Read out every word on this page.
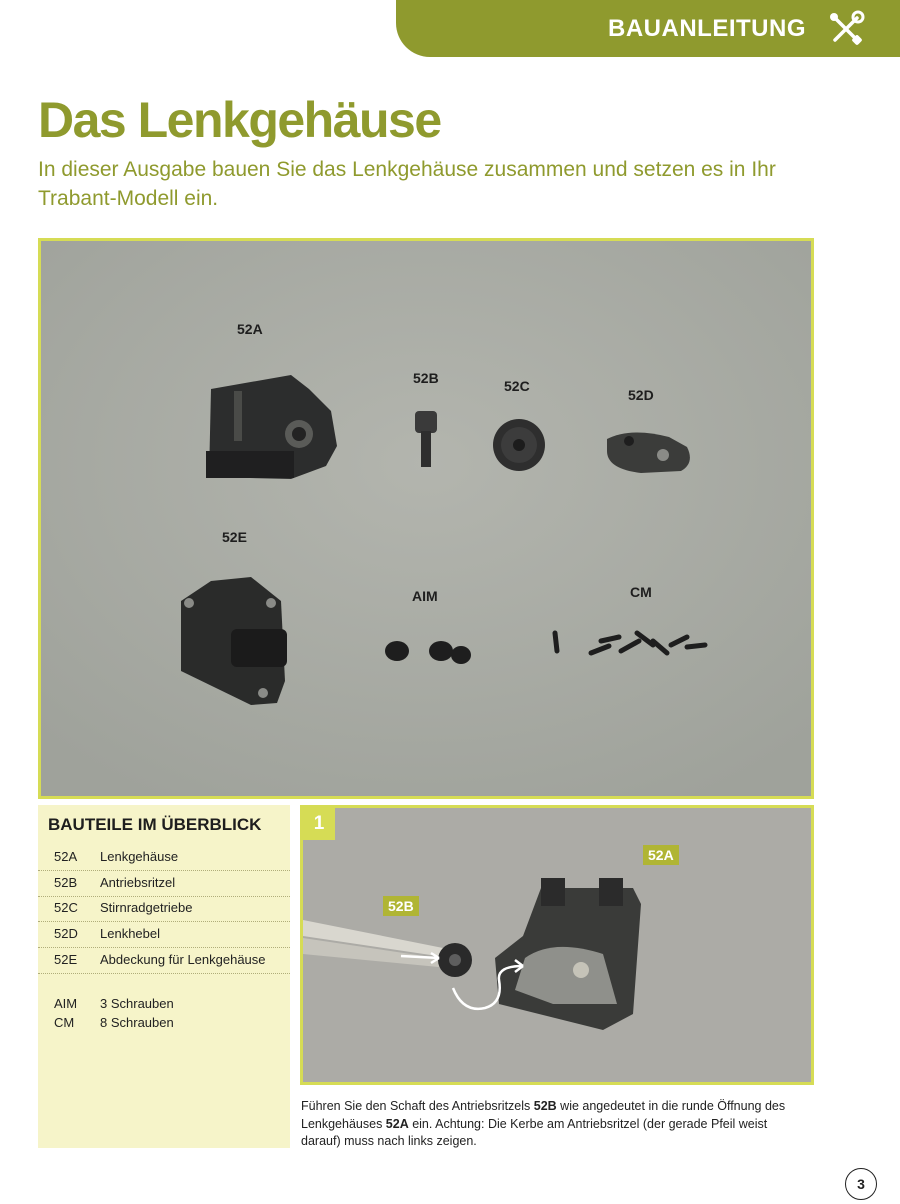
BAUANLEITUNG
Das Lenkgehäuse

In dieser Ausgabe bauen Sie das Lenkgehäuse zusammen und setzen es in Ihr Trabant-Modell ein.

52A
52B	52C
52D
52E
AIM	CM
BAUTEILE IM ÜBERBLICK
52A Lenkgehäuse
52B Antriebsritzel
52C Stirnradgetriebe
52D Lenkhebel
52E Abdeckung für Lenkgehäuse
AIM 3 Schrauben
CM 8 Schrauben
1
52A
52B

Führen Sie den Schaft des Antriebsritzels 52B wie angedeutet in die runde Öffnung des Lenkgehäuses 52A ein. Achtung: Die Kerbe am Antriebsritzel (der gerade Pfeil weist darauf) muss nach links zeigen.

3
